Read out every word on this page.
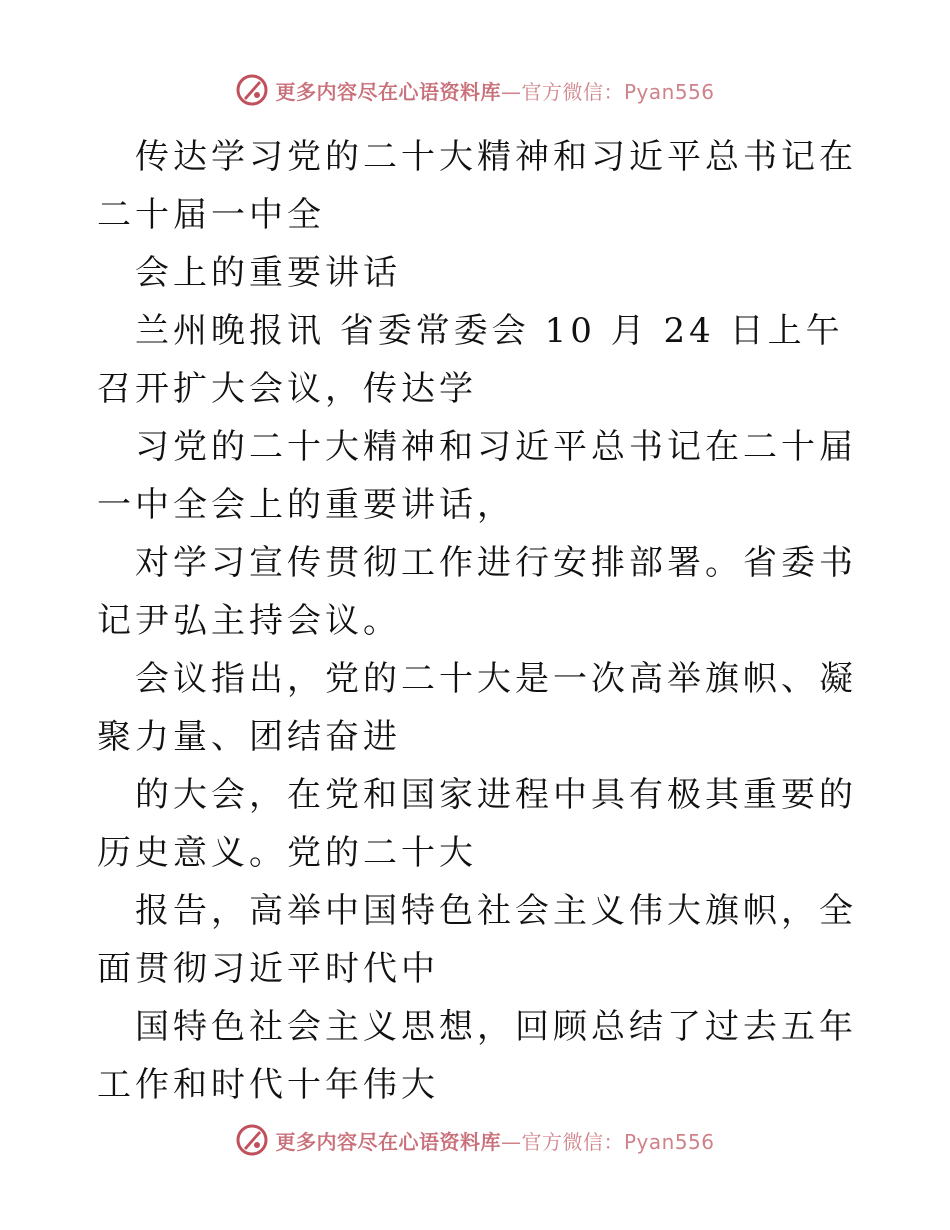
更多内容尽在心语资料库—官方微信：Pyan556

传达学习党的二十大精神和习近平总书记在二十届一中全

会上的重要讲话

兰州晚报讯 省委常委会 10 月 24 日上午召开扩大会议，传达学

习党的二十大精神和习近平总书记在二十届一中全会上的重要讲话，

对学习宣传贯彻工作进行安排部署。省委书记尹弘主持会议。

会议指出，党的二十大是一次高举旗帜、凝聚力量、团结奋进

的大会，在党和国家进程中具有极其重要的历史意义。党的二十大

报告，高举中国特色社会主义伟大旗帜，全面贯彻习近平时代中

国特色社会主义思想，回顾总结了过去五年工作和时代十年伟大

更多内容尽在心语资料库—官方微信：Pyan556
